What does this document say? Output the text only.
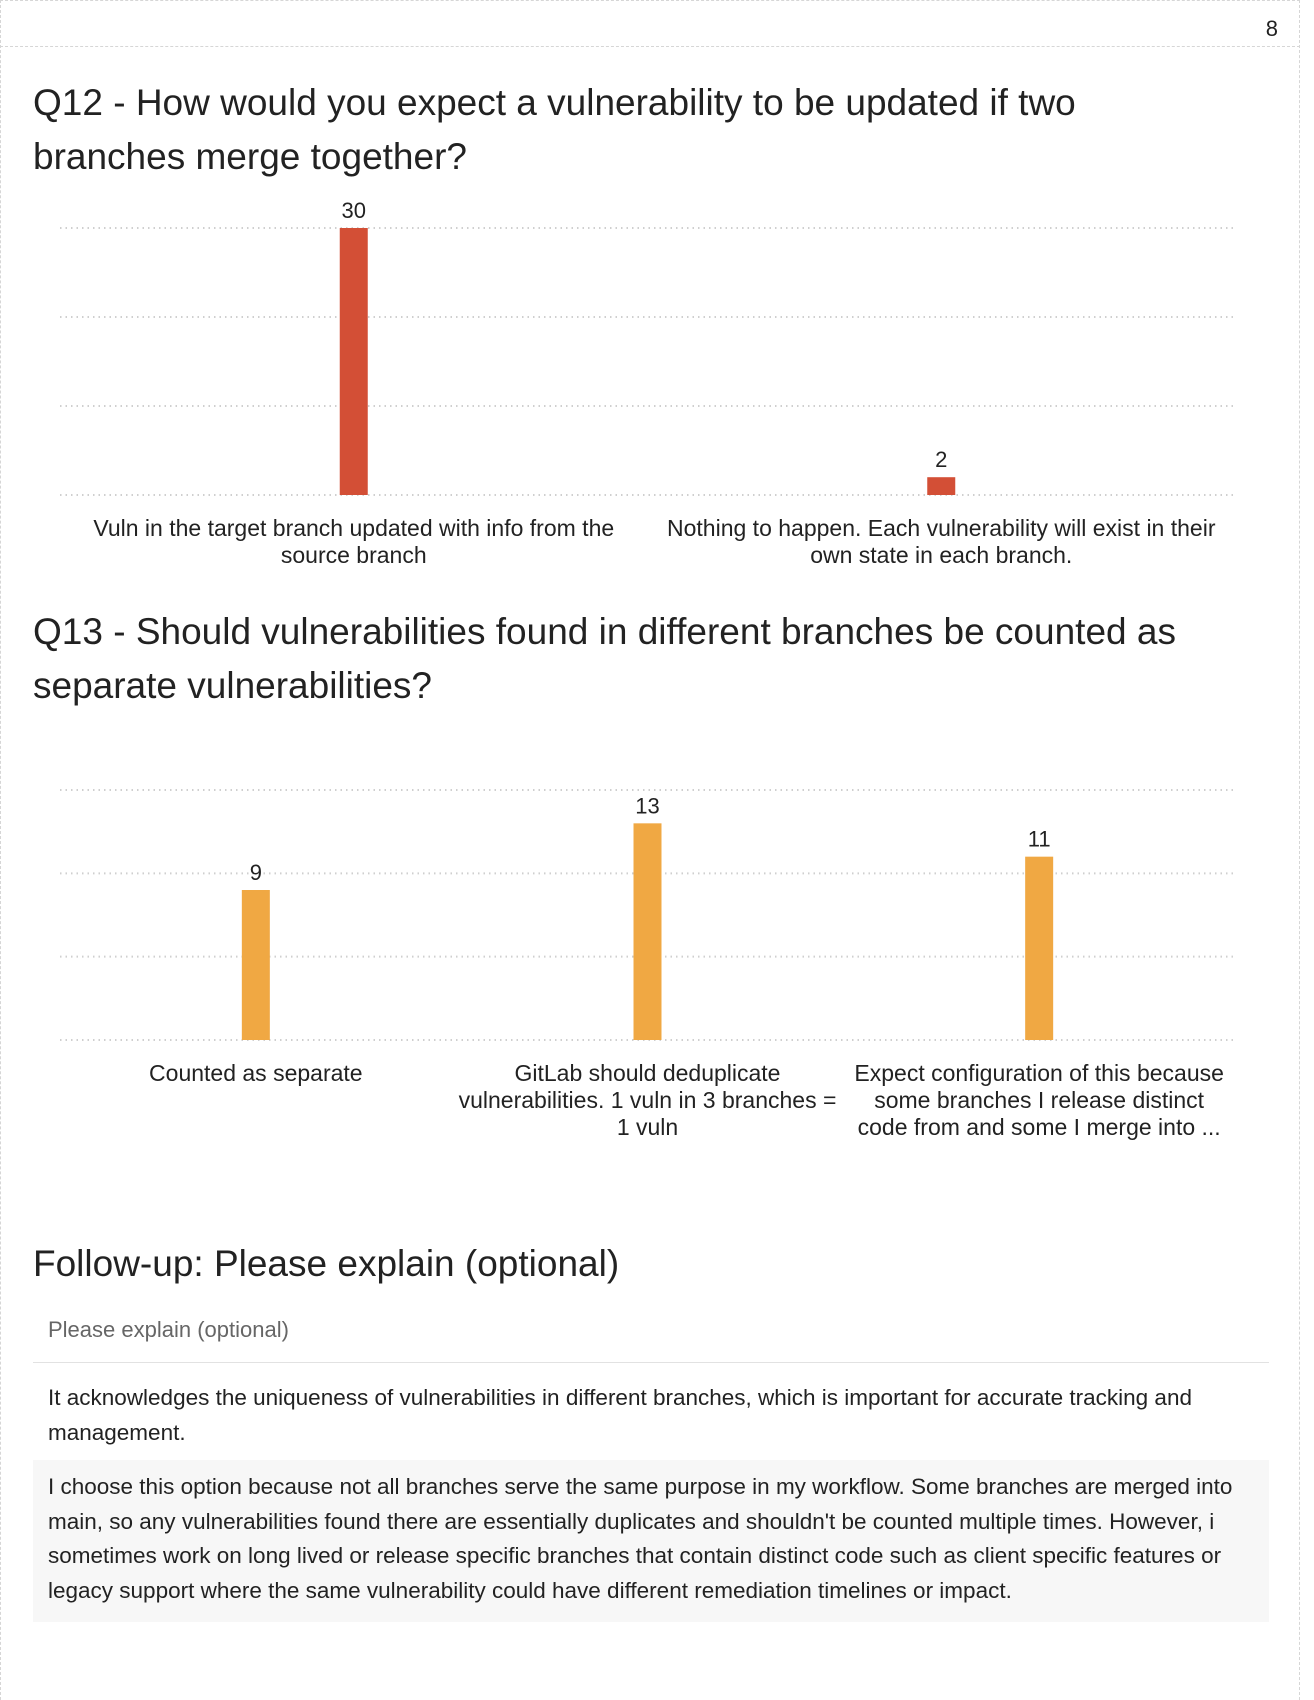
8
Q12 - How would you expect a vulnerability to be updated if two branches merge together?
30
2
Vuln in the target branch updated with info from the source branch
Nothing to happen. Each vulnerability will exist in their own state in each branch.
Q13 - Should vulnerabilities found in different branches be counted as separate vulnerabilities?
9
13
11
Counted as separate	GitLab should deduplicate vulnerabilities. 1 vuln in 3 branches = 1 vuln
Expect configuration of this because some branches I release distinct code from and some I merge into ...
Follow-up: Please explain (optional)
Please explain (optional)
It acknowledges the uniqueness of vulnerabilities in different branches, which is important for accurate tracking and management.
I choose this option because not all branches serve the same purpose in my workflow. Some branches are merged into main, so any vulnerabilities found there are essentially duplicates and shouldn't be counted multiple times. However, i sometimes work on long lived or release specific branches that contain distinct code such as client specific features or legacy support where the same vulnerability could have different remediation timelines or impact.
